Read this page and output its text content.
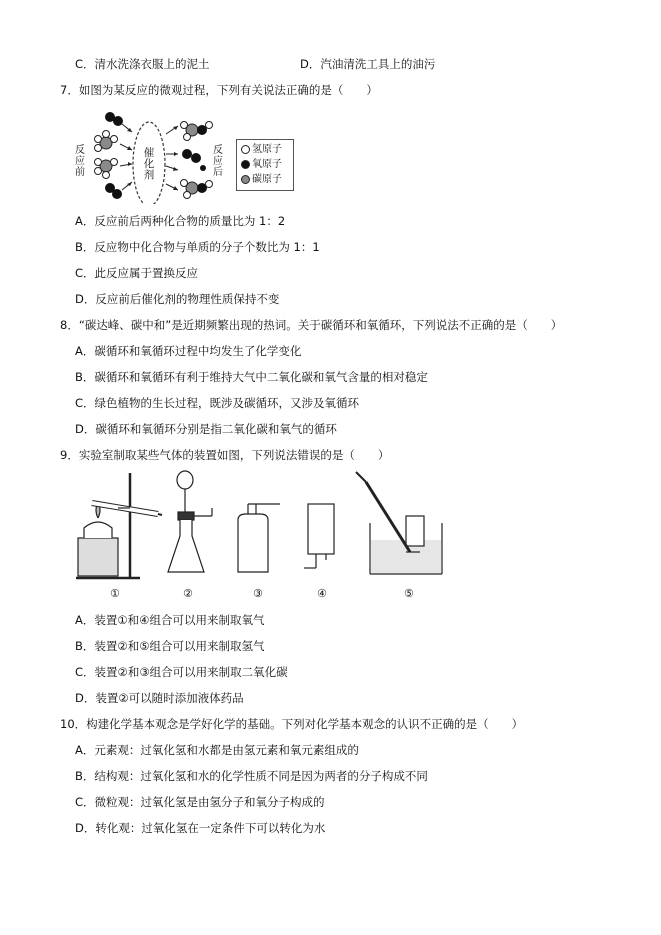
C．清水洗涤衣服上的泥土	D．汽油清洗工具上的油污
7．如图为某反应的微观过程，下列有关说法正确的是（　　）
反
应
前
反
应
后
催
化
剂
氢原子
氧原子
碳原子
A．反应前后两种化合物的质量比为 1：2
B．反应物中化合物与单质的分子个数比为 1：1
C．此反应属于置换反应
D．反应前后催化剂的物理性质保持不变
8．“碳达峰、碳中和”是近期频繁出现的热词。关于碳循环和氧循环，下列说法不正确的是（　　）
A．碳循环和氧循环过程中均发生了化学变化
B．碳循环和氧循环有利于维持大气中二氧化碳和氧气含量的相对稳定
C．绿色植物的生长过程，既涉及碳循环，又涉及氧循环
D．碳循环和氧循环分别是指二氧化碳和氧气的循环
9．实验室制取某些气体的装置如图，下列说法错误的是（　　）
①	②	③	④	⑤
A．装置①和④组合可以用来制取氧气
B．装置②和⑤组合可以用来制取氢气
C．装置②和③组合可以用来制取二氧化碳
D．装置②可以随时添加液体药品
10．构建化学基本观念是学好化学的基础。下列对化学基本观念的认识不正确的是（　　）
A．元素观：过氧化氢和水都是由氢元素和氧元素组成的
B．结构观：过氧化氢和水的化学性质不同是因为两者的分子构成不同
C．微粒观：过氧化氢是由氢分子和氧分子构成的
D．转化观：过氧化氢在一定条件下可以转化为水
